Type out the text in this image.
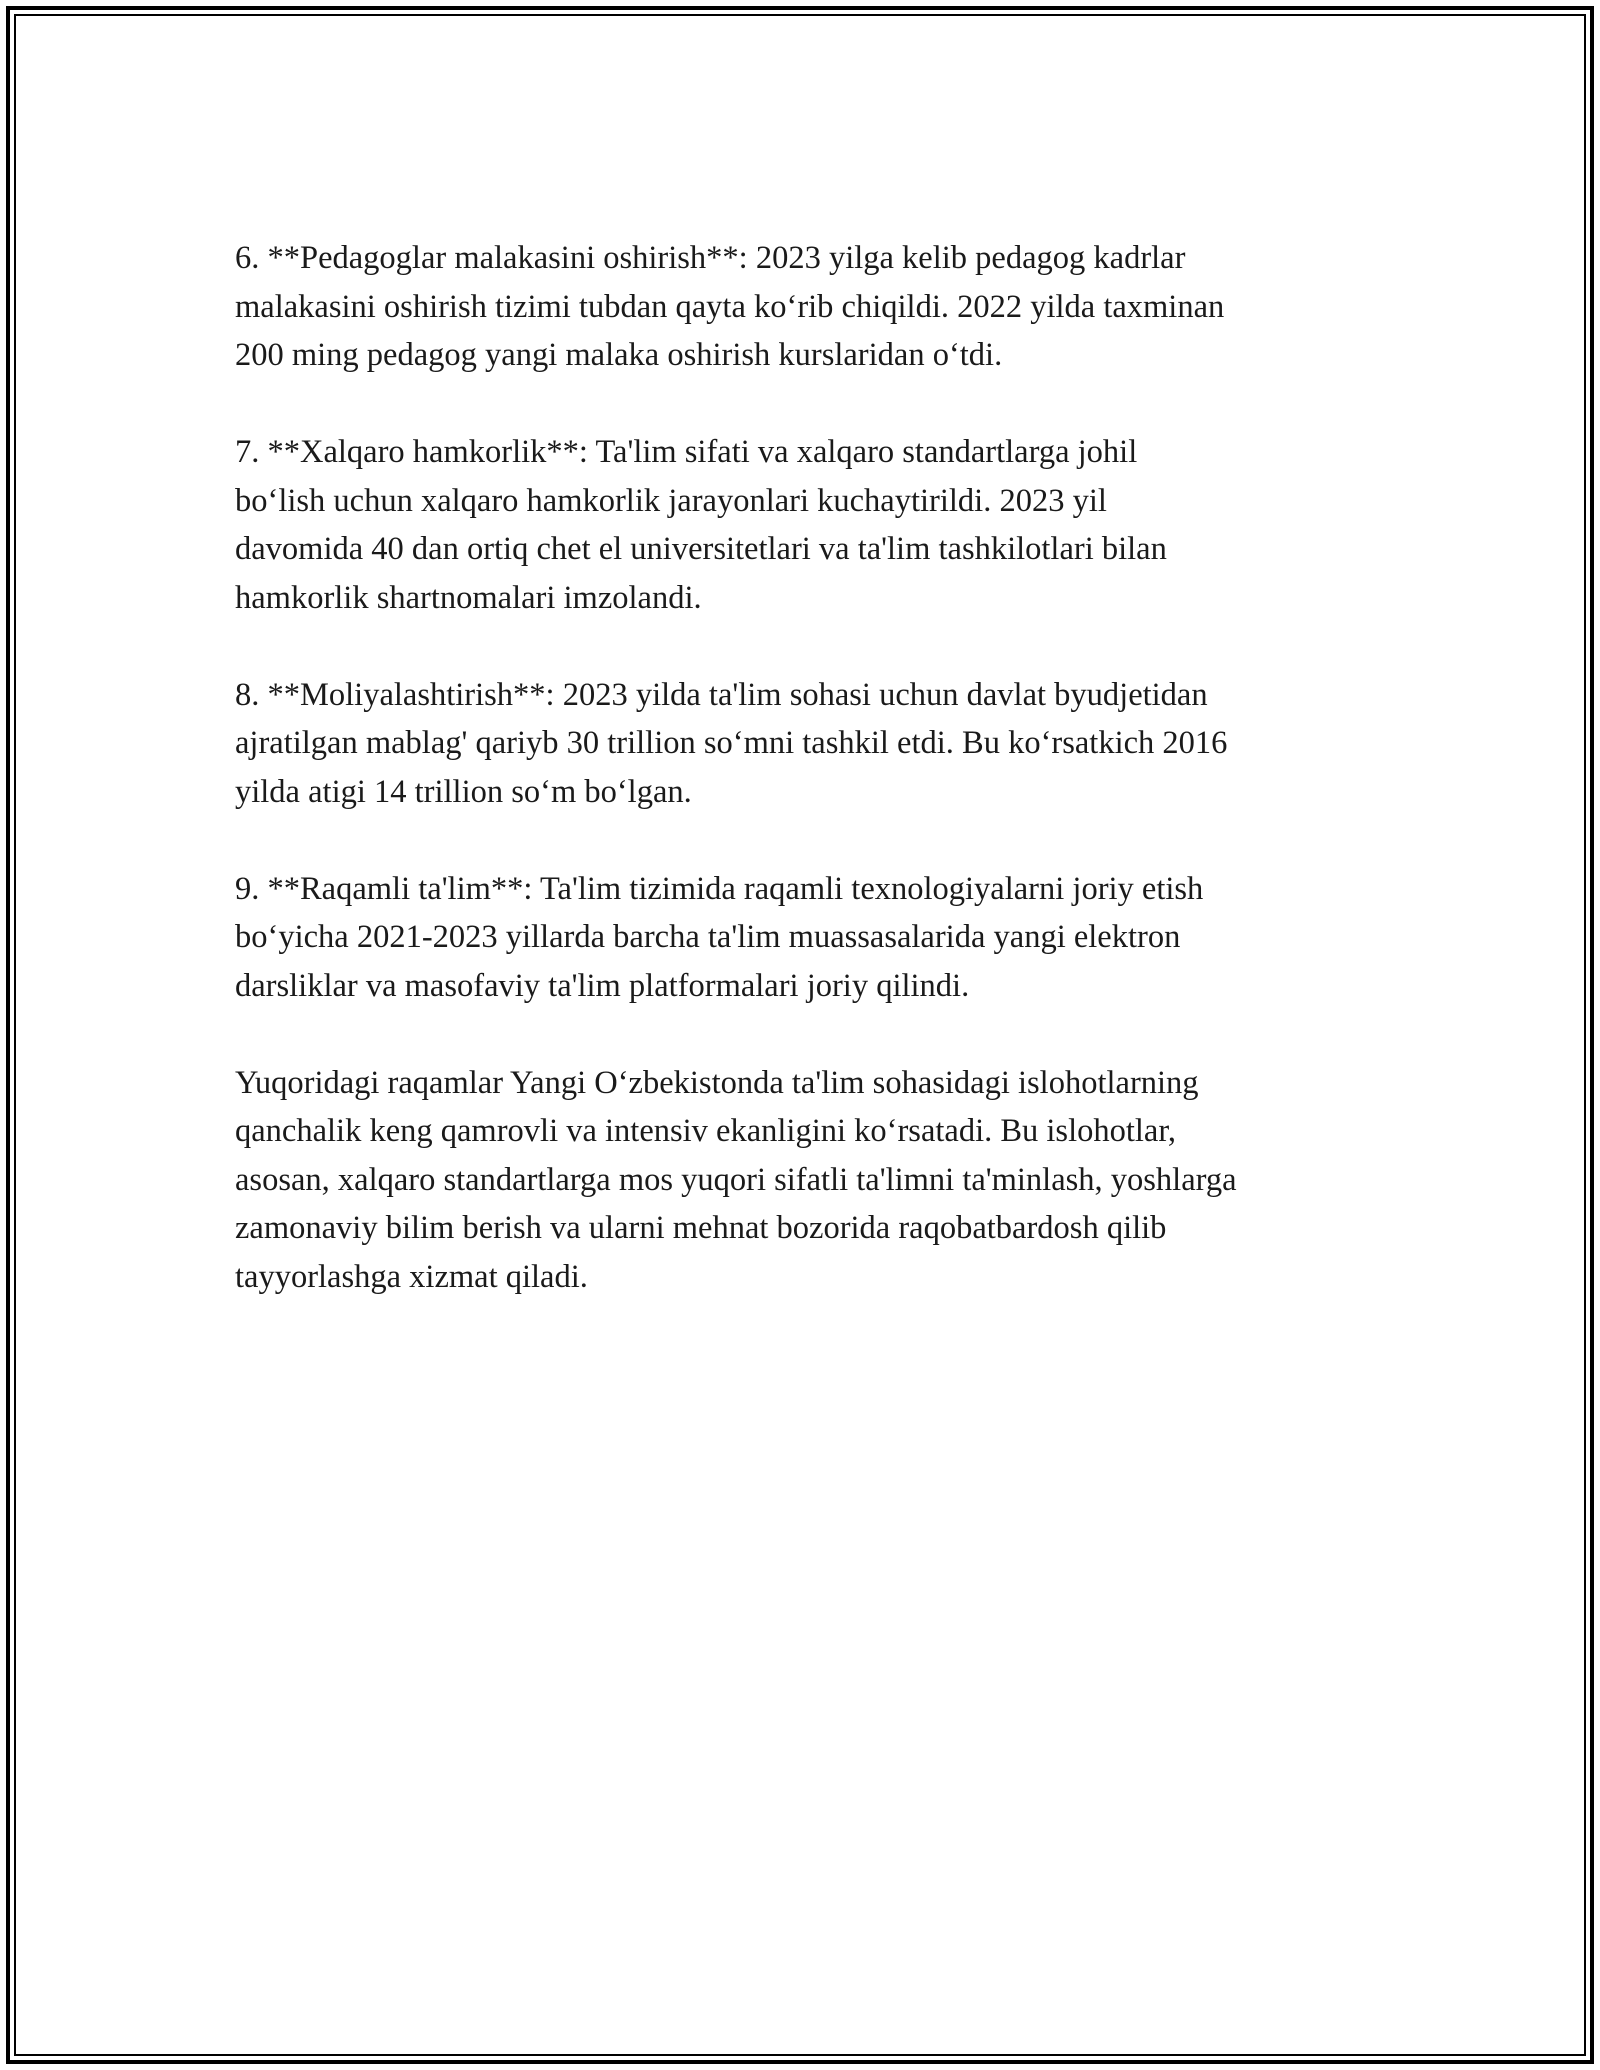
6. **Pedagoglar malakasini oshirish**: 2023 yilga kelib pedagog kadrlar
malakasini oshirish tizimi tubdan qayta koʻrib chiqildi. 2022 yilda taxminan
200 ming pedagog yangi malaka oshirish kurslaridan oʻtdi.

7. **Xalqaro hamkorlik**: Ta'lim sifati va xalqaro standartlarga johil
boʻlish uchun xalqaro hamkorlik jarayonlari kuchaytirildi. 2023 yil
davomida 40 dan ortiq chet el universitetlari va ta'lim tashkilotlari bilan
hamkorlik shartnomalari imzolandi.

8. **Moliyalashtirish**: 2023 yilda ta'lim sohasi uchun davlat byudjetidan
ajratilgan mablag' qariyb 30 trillion soʻmni tashkil etdi. Bu koʻrsatkich 2016
yilda atigi 14 trillion soʻm boʻlgan.

9. **Raqamli ta'lim**: Ta'lim tizimida raqamli texnologiyalarni joriy etish
boʻyicha 2021-2023 yillarda barcha ta'lim muassasalarida yangi elektron
darsliklar va masofaviy ta'lim platformalari joriy qilindi.

Yuqoridagi raqamlar Yangi Oʻzbekistonda ta'lim sohasidagi islohotlarning
qanchalik keng qamrovli va intensiv ekanligini koʻrsatadi. Bu islohotlar,
asosan, xalqaro standartlarga mos yuqori sifatli ta'limni ta'minlash, yoshlarga
zamonaviy bilim berish va ularni mehnat bozorida raqobatbardosh qilib
tayyorlashga xizmat qiladi.
